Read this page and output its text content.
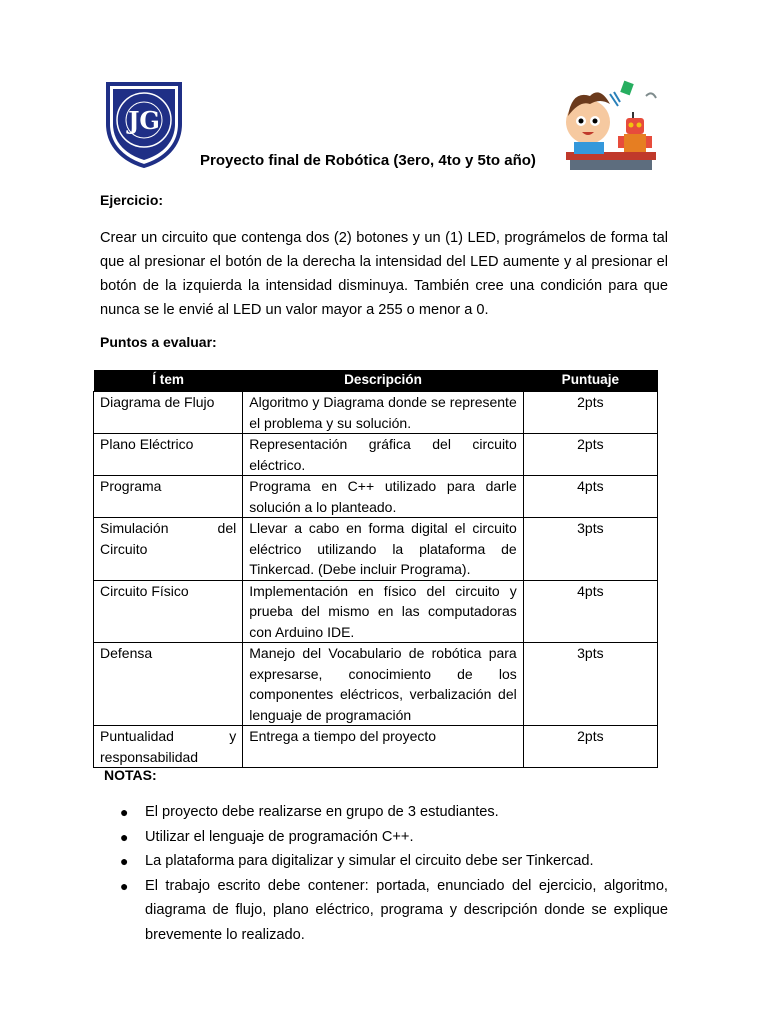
JG
Proyecto final de Robótica (3ero, 4to y 5to año)
Ejercicio:
Crear un circuito que contenga dos (2) botones y un (1) LED, prográmelos de forma tal que al presionar el botón de la derecha la intensidad del LED aumente y al presionar el botón de la izquierda la intensidad disminuya. También cree una condición para que nunca se le envié al LED un valor mayor a 255 o menor a 0.
Puntos a evaluar:
Í tem	Descripción	Puntuaje
Diagrama de Flujo	Algoritmo y Diagrama donde se represente el problema y su solución.	2pts
Plano Eléctrico	Representación gráfica del circuito eléctrico.	2pts
Programa	Programa en C++ utilizado para darle solución a lo planteado.	4pts
Simulación del Circuito	Llevar a cabo en forma digital el circuito eléctrico utilizando la plataforma de Tinkercad. (Debe incluir Programa).	3pts
Circuito Físico	Implementación en físico del circuito y prueba del mismo en las computadoras con Arduino IDE.	4pts
Defensa	Manejo del Vocabulario de robótica para expresarse, conocimiento de los componentes eléctricos, verbalización del lenguaje de programación	3pts
Puntualidad y responsabilidad	Entrega a tiempo del proyecto	2pts
NOTAS:
● El proyecto debe realizarse en grupo de 3 estudiantes.
● Utilizar el lenguaje de programación C++.
● La plataforma para digitalizar y simular el circuito debe ser Tinkercad.
● El trabajo escrito debe contener: portada, enunciado del ejercicio, algoritmo, diagrama de flujo, plano eléctrico, programa y descripción donde se explique brevemente lo realizado.
